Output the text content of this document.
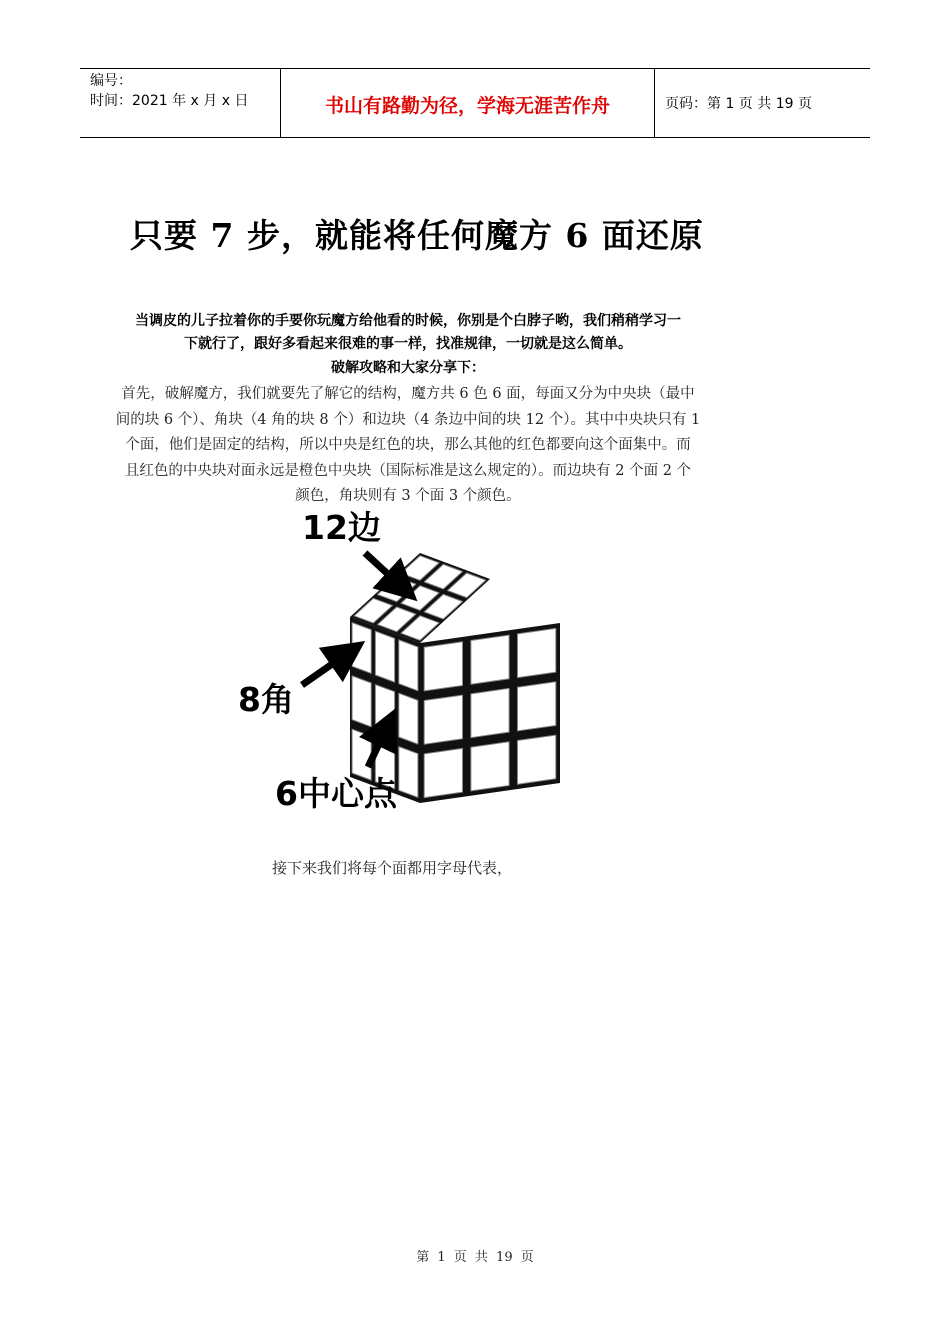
编号：
时间：2021 年 x 月 x 日	书山有路勤为径，学海无涯苦作舟	页码：第 1 页 共 19 页
只要 7 步，就能将任何魔方 6 面还原
当调皮的儿子拉着你的手要你玩魔方给他看的时候，你别是个白脖子哟，我们稍稍学习一
下就行了，跟好多看起来很难的事一样，找准规律，一切就是这么简单。
破解攻略和大家分享下：
首先，破解魔方，我们就要先了解它的结构，魔方共 6 色 6 面，每面又分为中央块（最中
间的块 6 个）、角块（4 角的块 8 个）和边块（4 条边中间的块 12 个）。其中中央块只有 1
个面，他们是固定的结构，所以中央是红色的块，那么其他的红色都要向这个面集中。而
且红色的中央块对面永远是橙色中央块（国际标准是这么规定的）。而边块有 2 个面 2 个
颜色，角块则有 3 个面 3 个颜色。
12边
8角
6中心点
接下来我们将每个面都用字母代表，
第 1 页 共 19 页
